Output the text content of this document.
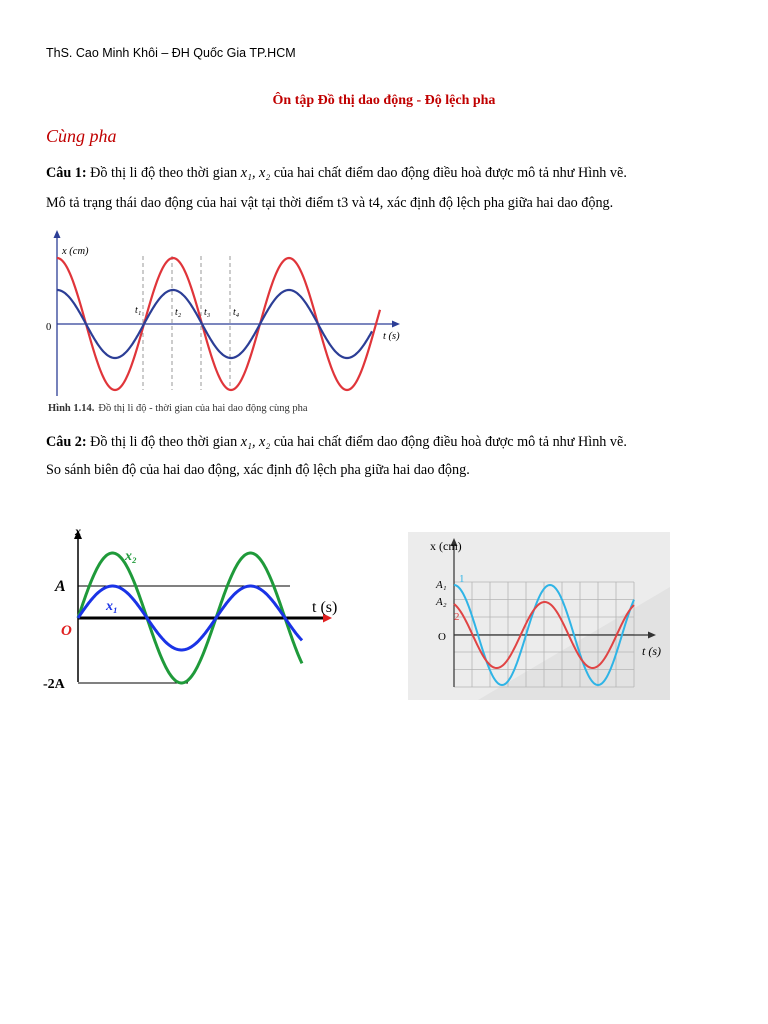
ThS. Cao Minh Khôi – ĐH Quốc Gia TP.HCM
Ôn tập Đồ thị dao động - Độ lệch pha
Cùng pha
Câu 1: Đồ thị li độ theo thời gian x₁, x₂ của hai chất điểm dao động điều hoà được mô tả như Hình vẽ.
Mô tả trạng thái dao động của hai vật tại thời điểm t3 và t4, xác định độ lệch pha giữa hai dao động.
x (cm)
t (s)
0
t₁	t₂ t₃ t₄
Hình 1.14. Đồ thị li độ - thời gian của hai dao động cùng pha
Câu 2: Đồ thị li độ theo thời gian x₁, x₂ của hai chất điểm dao động điều hoà được mô tả như Hình vẽ.
So sánh biên độ của hai dao động, xác định độ lệch pha giữa hai dao động.
x
t (s)
A
O
-2A
x₂
x₁
x (cm)
t (s)
A₁
A₂
1
2
O
